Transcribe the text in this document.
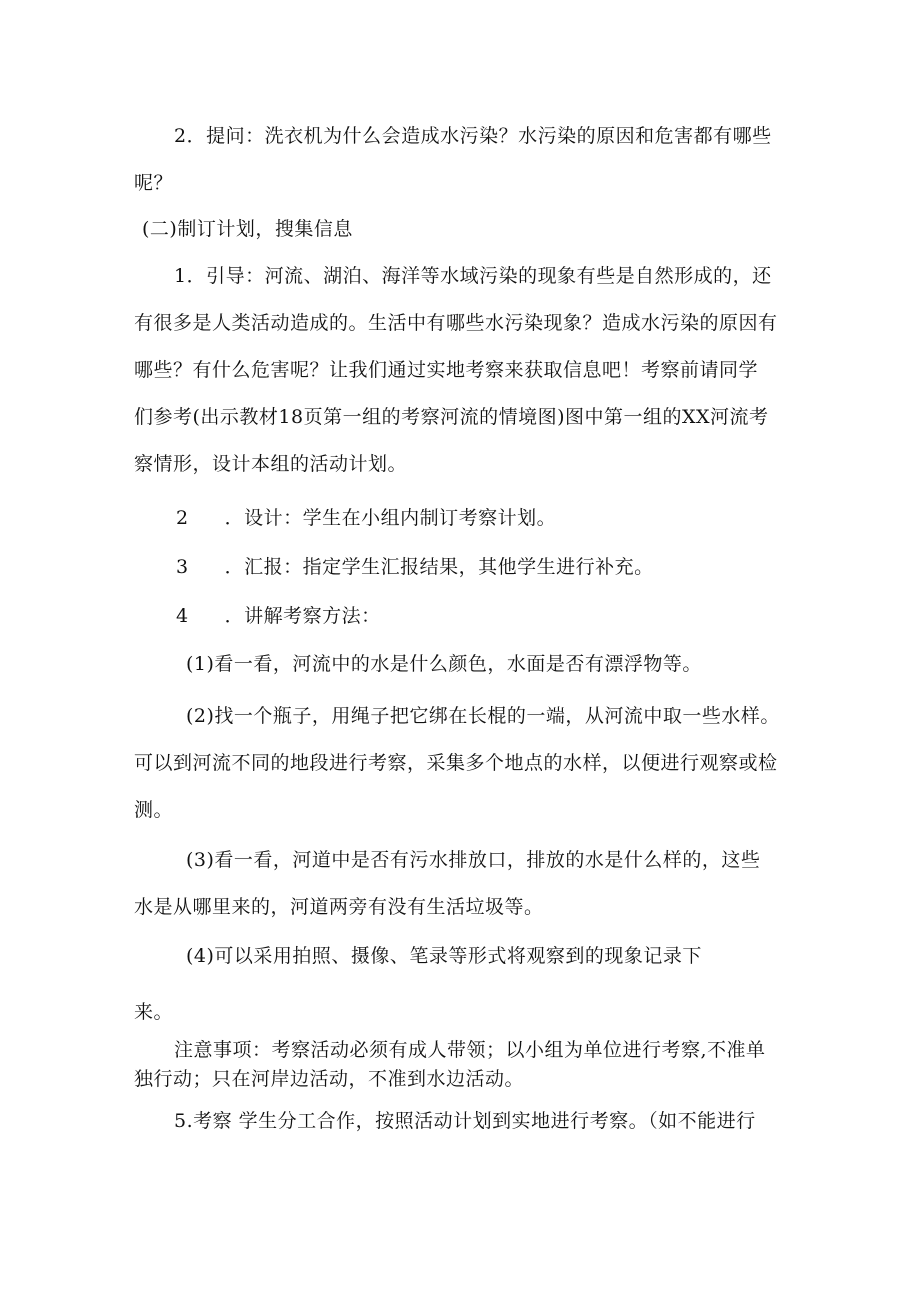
2．提问：洗衣机为什么会造成水污染？水污染的原因和危害都有哪些
呢？
(二)制订计划，搜集信息
1．引导：河流、湖泊、海洋等水域污染的现象有些是自然形成的，还
有很多是人类活动造成的。生活中有哪些水污染现象？造成水污染的原因有
哪些？有什么危害呢？让我们通过实地考察来获取信息吧！考察前请同学
们参考(出示教材18页第一组的考察河流的情境图)图中第一组的XX河流考
察情形，设计本组的活动计划。
2 ．设计：学生在小组内制订考察计划。
3 ．汇报：指定学生汇报结果，其他学生进行补充。
4 ．讲解考察方法：
(1)看一看，河流中的水是什么颜色，水面是否有漂浮物等。
(2)找一个瓶子，用绳子把它绑在长棍的一端，从河流中取一些水样。
可以到河流不同的地段进行考察，采集多个地点的水样，以便进行观察或检
测。
(3)看一看，河道中是否有污水排放口，排放的水是什么样的，这些
水是从哪里来的，河道两旁有没有生活垃圾等。
(4)可以采用拍照、摄像、笔录等形式将观察到的现象记录下
来。
注意事项：考察活动必须有成人带领；以小组为单位进行考察,不准单
独行动；只在河岸边活动，不准到水边活动。
5.考察 学生分工合作，按照活动计划到实地进行考察。（如不能进行
